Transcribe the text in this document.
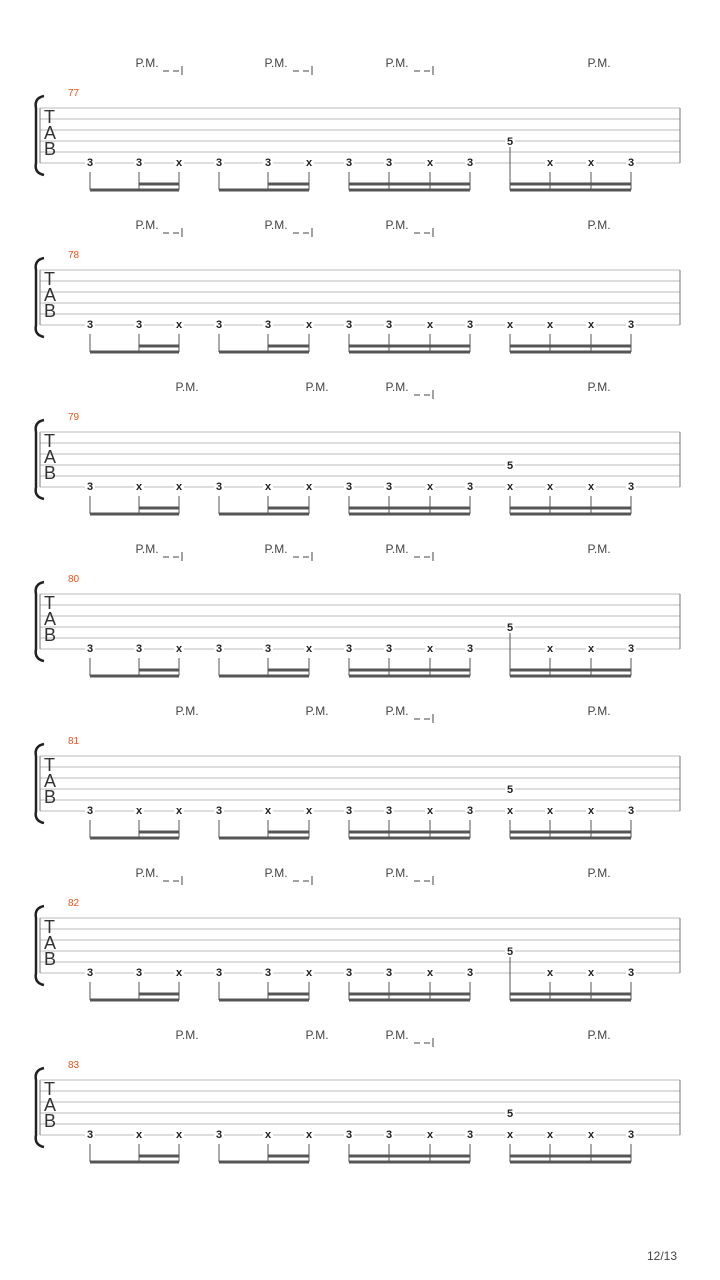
77
T
A
B
P.M.	P.M.	P.M.	P.M.
3	3	x	3	3	x	3	3	x	3	x	x	3
5
78
T
A
B
P.M.	P.M.	P.M.	P.M.
3	3	x	3	3	x	3	3	x	3	x	x	x	3
79
T
A
B
P.M.	P.M.	P.M.	P.M.
3	x	x	3	x	x	3	3	x	3	x	x	x	3
5
80
T
A
B
P.M.	P.M.	P.M.	P.M.
3	3	x	3	3	x	3	3	x	3	x	x	3
5
81
T
A
B
P.M.	P.M.	P.M.	P.M.
3	x	x	3	x	x	3	3	x	3	x	x	x	3
5
82
T
A
B
P.M.	P.M.	P.M.	P.M.
3	3	x	3	3	x	3	3	x	3	x	x	3
5
83
T
A
B
P.M.	P.M.	P.M.	P.M.
3	x	x	3	x	x	3	3	x	3	x	x	x	3
5
12/13
